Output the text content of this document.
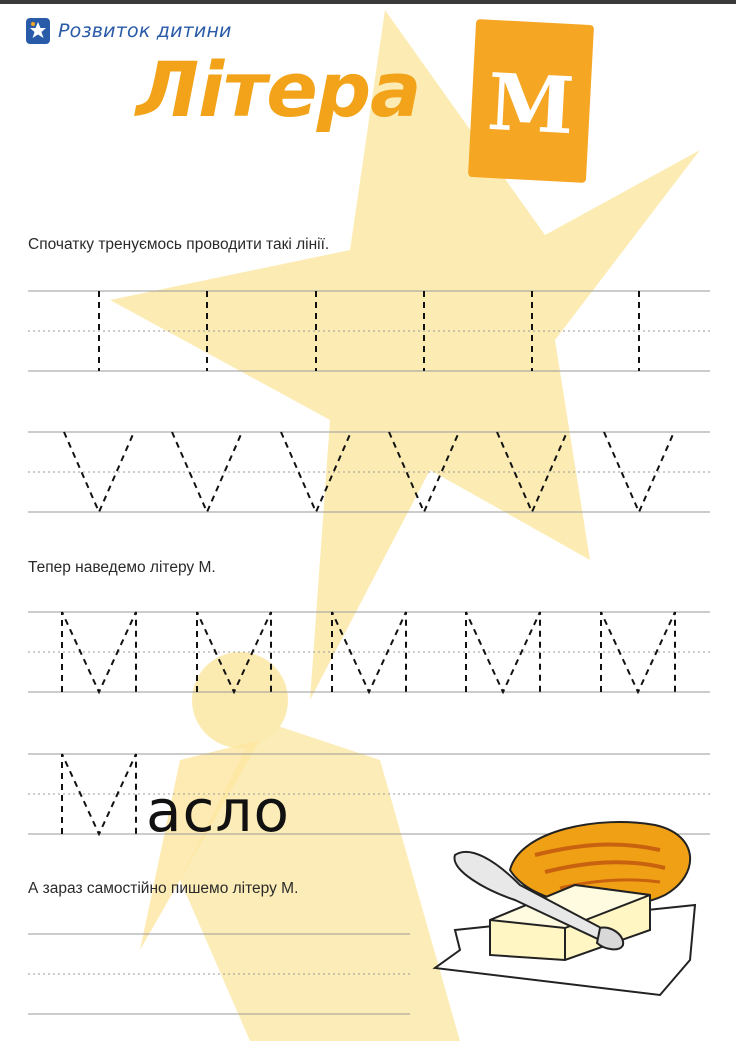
Розвиток дитини
М
Літера
Спочатку тренуємось проводити такі лінії.
Тепер наведемо літеру М.
А зараз самостійно пишемо літеру М.
асло
